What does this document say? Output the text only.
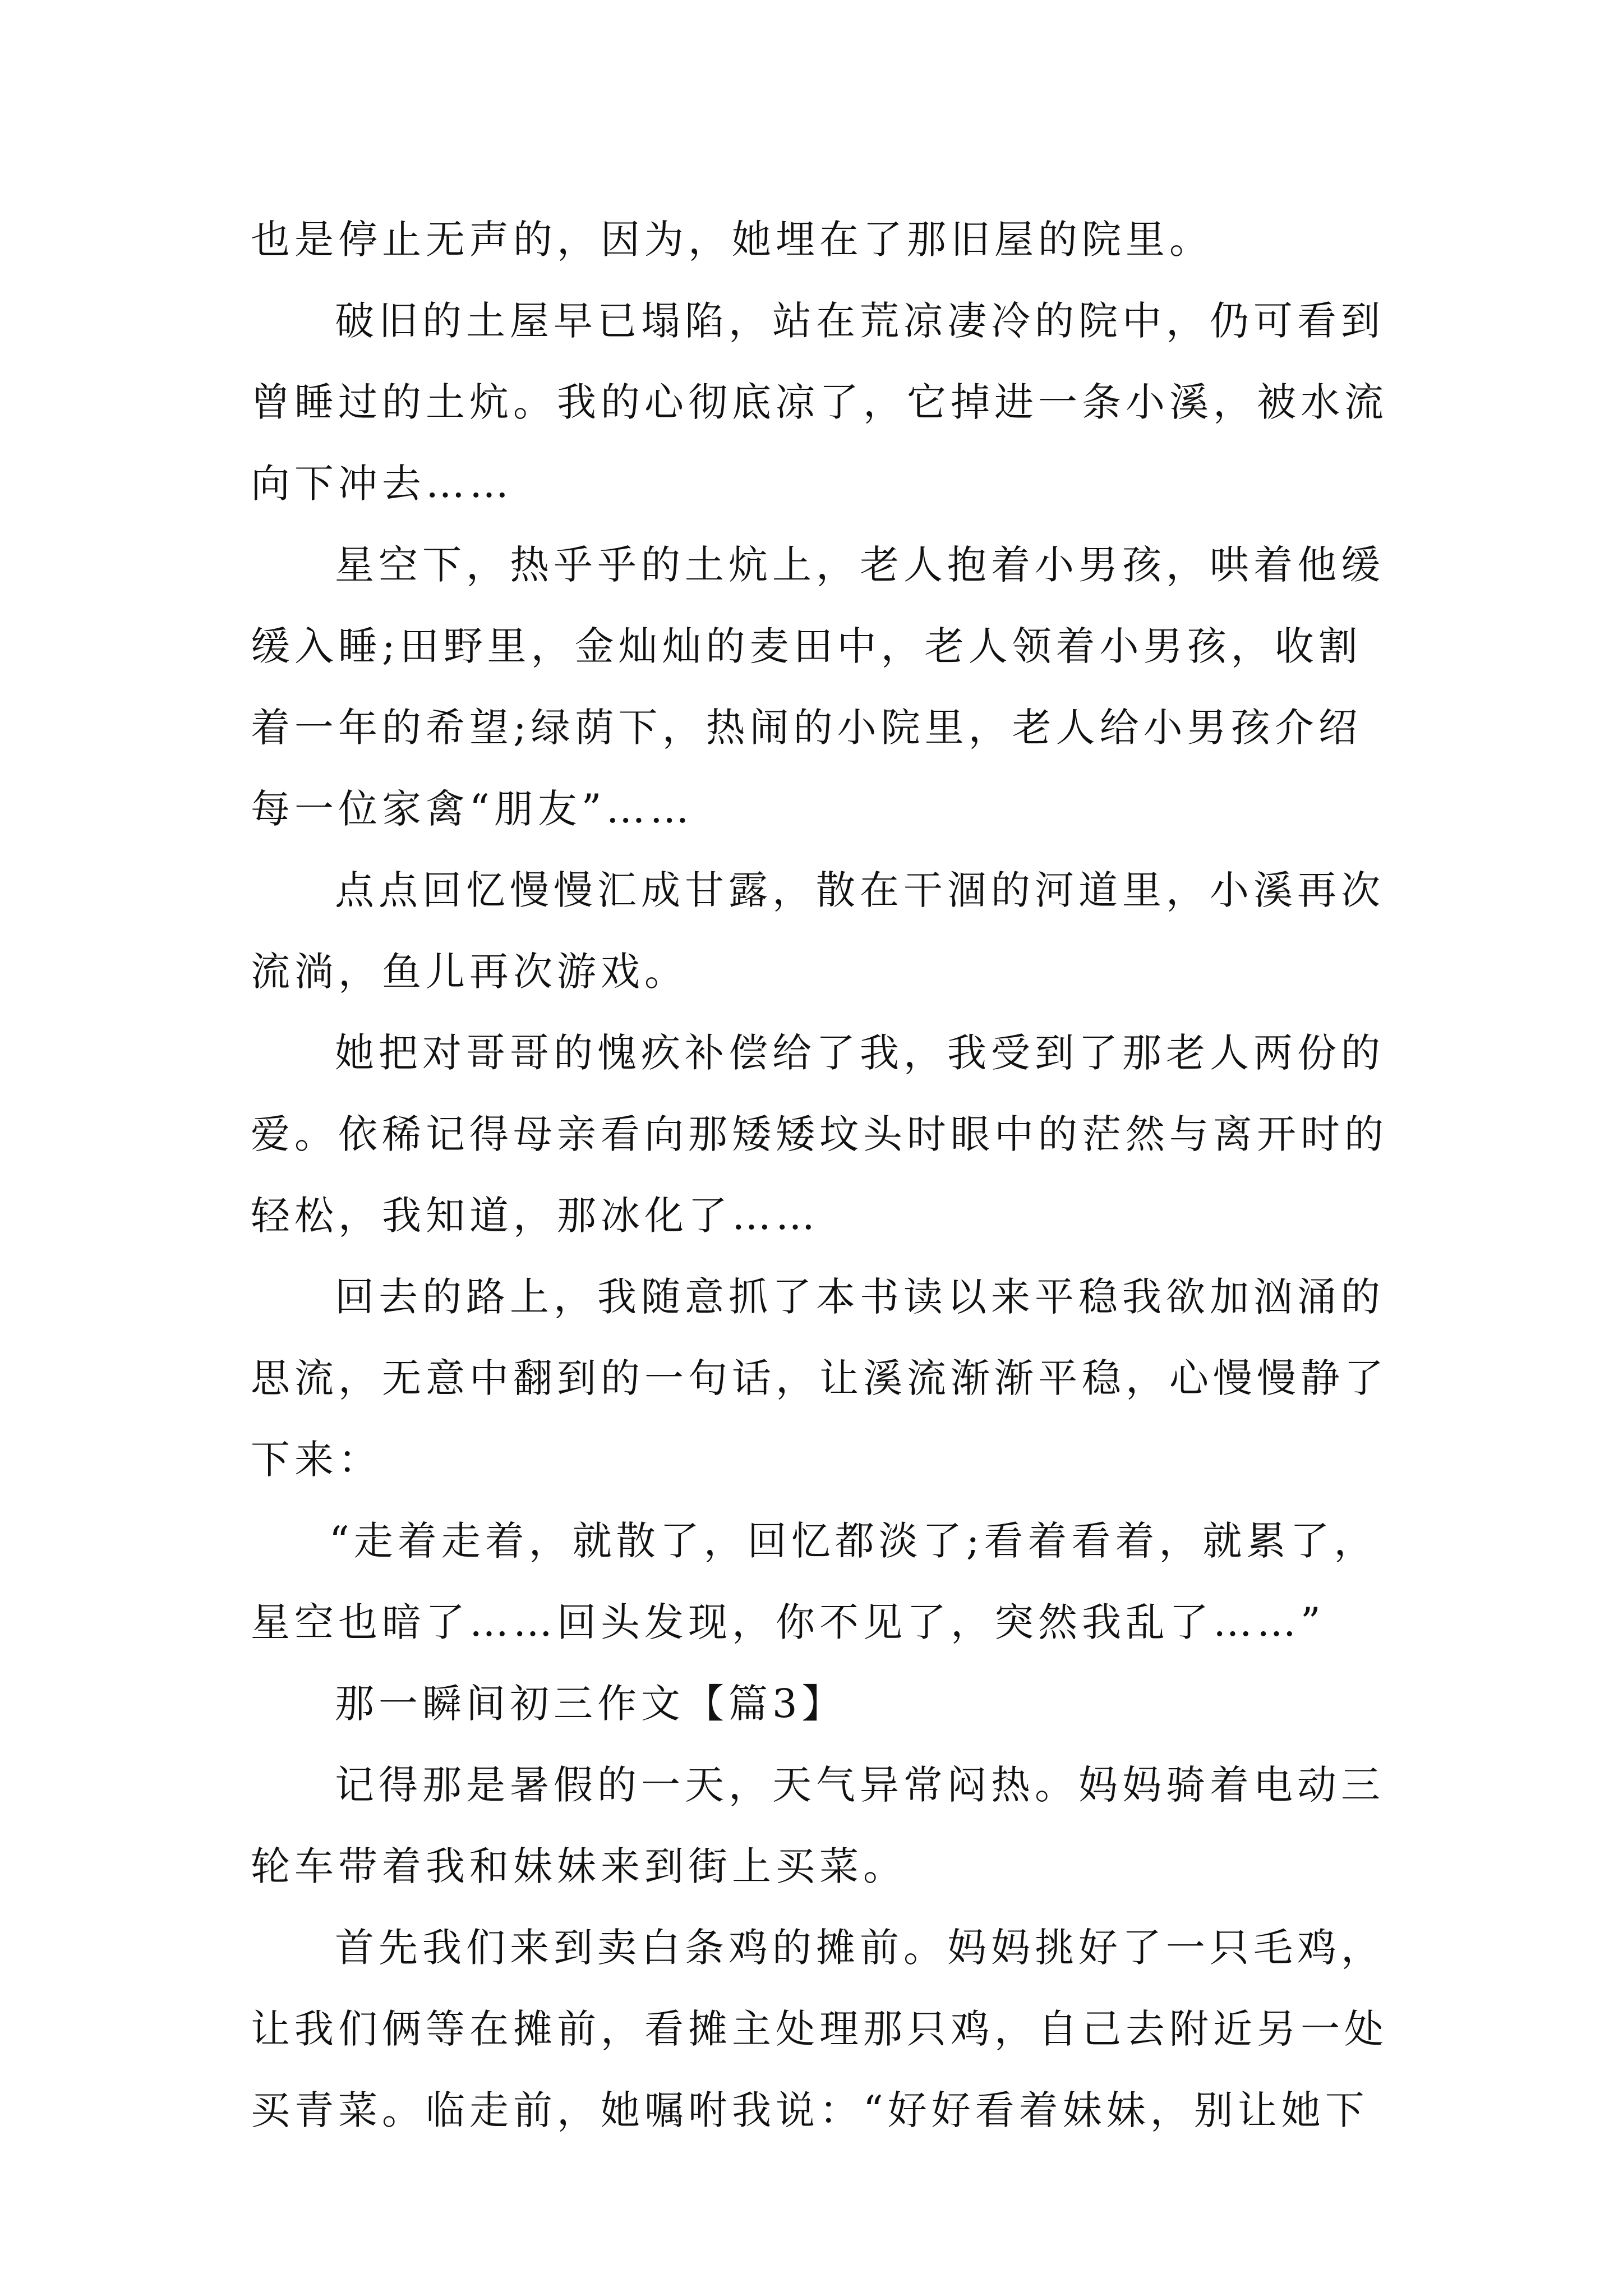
也是停止无声的，因为，她埋在了那旧屋的院里。
破旧的土屋早已塌陷，站在荒凉凄冷的院中，仍可看到
曾睡过的土炕。我的心彻底凉了，它掉进一条小溪，被水流
向下冲去……
星空下，热乎乎的土炕上，老人抱着小男孩，哄着他缓
缓入睡;田野里，金灿灿的麦田中，老人领着小男孩，收割
着一年的希望;绿荫下，热闹的小院里，老人给小男孩介绍
每一位家禽“朋友”……
点点回忆慢慢汇成甘露，散在干涸的河道里，小溪再次
流淌，鱼儿再次游戏。
她把对哥哥的愧疚补偿给了我，我受到了那老人两份的
爱。依稀记得母亲看向那矮矮坟头时眼中的茫然与离开时的
轻松，我知道，那冰化了……
回去的路上，我随意抓了本书读以来平稳我欲加汹涌的
思流，无意中翻到的一句话，让溪流渐渐平稳，心慢慢静了
下来：
“走着走着，就散了，回忆都淡了;看着看着，就累了，
星空也暗了……回头发现，你不见了，突然我乱了……”
那一瞬间初三作文【篇3】
记得那是暑假的一天，天气异常闷热。妈妈骑着电动三
轮车带着我和妹妹来到街上买菜。
首先我们来到卖白条鸡的摊前。妈妈挑好了一只毛鸡，
让我们俩等在摊前，看摊主处理那只鸡，自己去附近另一处
买青菜。临走前，她嘱咐我说：“好好看着妹妹，别让她下
